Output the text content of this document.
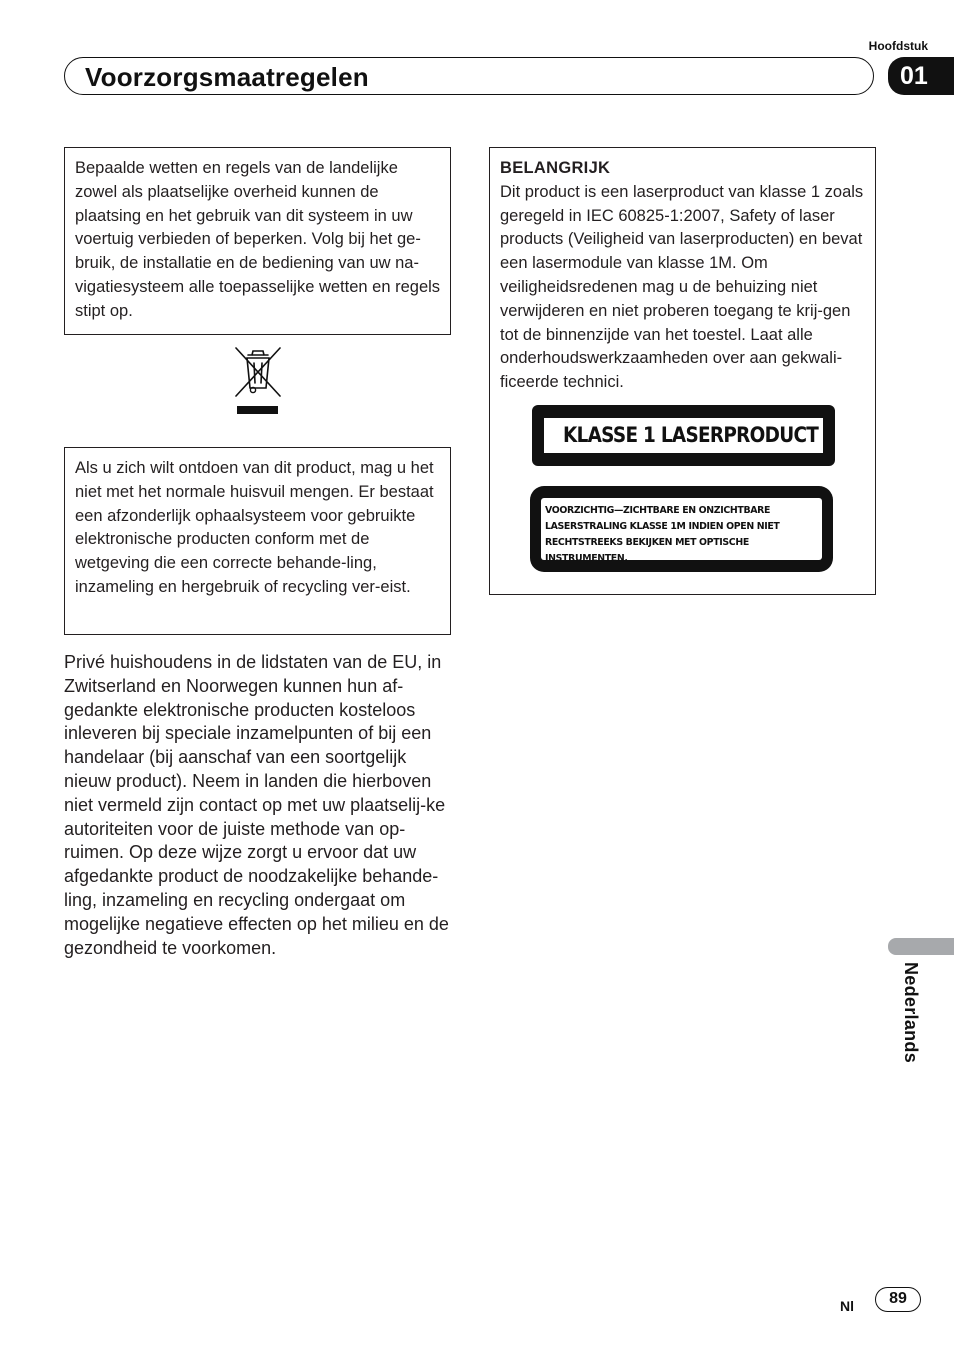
Hoofdstuk
Voorzorgsmaatregelen	01

Bepaalde wetten en regels van de landelijke zowel als plaatselijke overheid kunnen de plaatsing en het gebruik van dit systeem in uw voertuig verbieden of beperken. Volg bij het ge-bruik, de installatie en de bediening van uw na-vigatiesysteem alle toepasselijke wetten en regels stipt op.

Als u zich wilt ontdoen van dit product, mag u het niet met het normale huisvuil mengen. Er bestaat een afzonderlijk ophaalsysteem voor gebruikte elektronische producten conform met de wetgeving die een correcte behande-ling, inzameling en hergebruik of recycling ver-eist.

Privé huishoudens in de lidstaten van de EU, in Zwitserland en Noorwegen kunnen hun af-gedankte elektronische producten kosteloos inleveren bij speciale inzamelpunten of bij een handelaar (bij aanschaf van een soortgelijk nieuw product). Neem in landen die hierboven niet vermeld zijn contact op met uw plaatselij-ke autoriteiten voor de juiste methode van op-ruimen. Op deze wijze zorgt u ervoor dat uw afgedankte product de noodzakelijke behande-ling, inzameling en recycling ondergaat om mogelijke negatieve effecten op het milieu en de gezondheid te voorkomen.

BELANGRIJK

Dit product is een laserproduct van klasse 1 zoals geregeld in IEC 60825-1:2007, Safety of laser products (Veiligheid van laserproducten) en bevat een lasermodule van klasse 1M. Om veiligheidsredenen mag u de behuizing niet verwijderen en niet proberen toegang te krij-gen tot de binnenzijde van het toestel. Laat alle onderhoudswerkzaamheden over aan gekwali-ficeerde technici.

KLASSE 1 LASERPRODUCT
VOORZICHTIG—ZICHTBARE EN ONZICHTBARE
LASERSTRALING KLASSE 1M INDIEN OPEN NIET
RECHTSTREEKS BEKIJKEN MET OPTISCHE INSTRUMENTEN.
Nederlands
Nl	89
